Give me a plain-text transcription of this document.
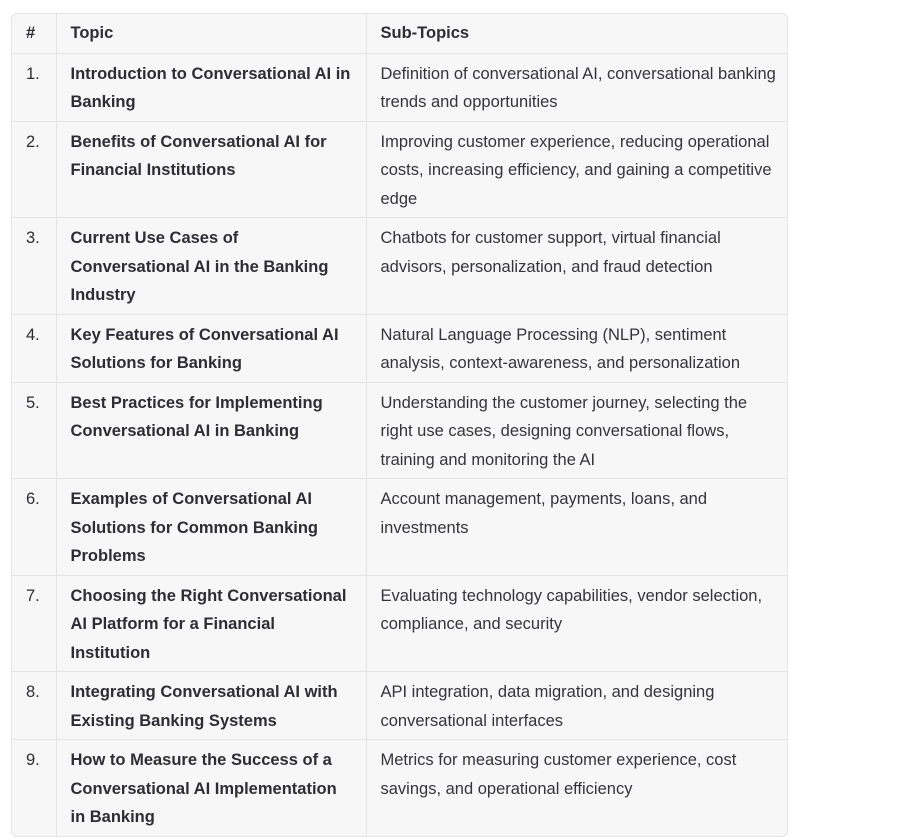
#	Topic	Sub-Topics
1.	Introduction to Conversational AI in Banking	Definition of conversational AI, conversational banking trends and opportunities
2.	Benefits of Conversational AI for Financial Institutions	Improving customer experience, reducing operational costs, increasing efficiency, and gaining a competitive edge
3.	Current Use Cases of Conversational AI in the Banking Industry	Chatbots for customer support, virtual financial advisors, personalization, and fraud detection
4.	Key Features of Conversational AI Solutions for Banking	Natural Language Processing (NLP), sentiment analysis, context-awareness, and personalization
5.	Best Practices for Implementing Conversational AI in Banking	Understanding the customer journey, selecting the right use cases, designing conversational flows, training and monitoring the AI
6.	Examples of Conversational AI Solutions for Common Banking Problems	Account management, payments, loans, and investments
7.	Choosing the Right Conversational AI Platform for a Financial Institution	Evaluating technology capabilities, vendor selection, compliance, and security
8.	Integrating Conversational AI with Existing Banking Systems	API integration, data migration, and designing conversational interfaces
9.	How to Measure the Success of a Conversational AI Implementation in Banking	Metrics for measuring customer experience, cost savings, and operational efficiency
